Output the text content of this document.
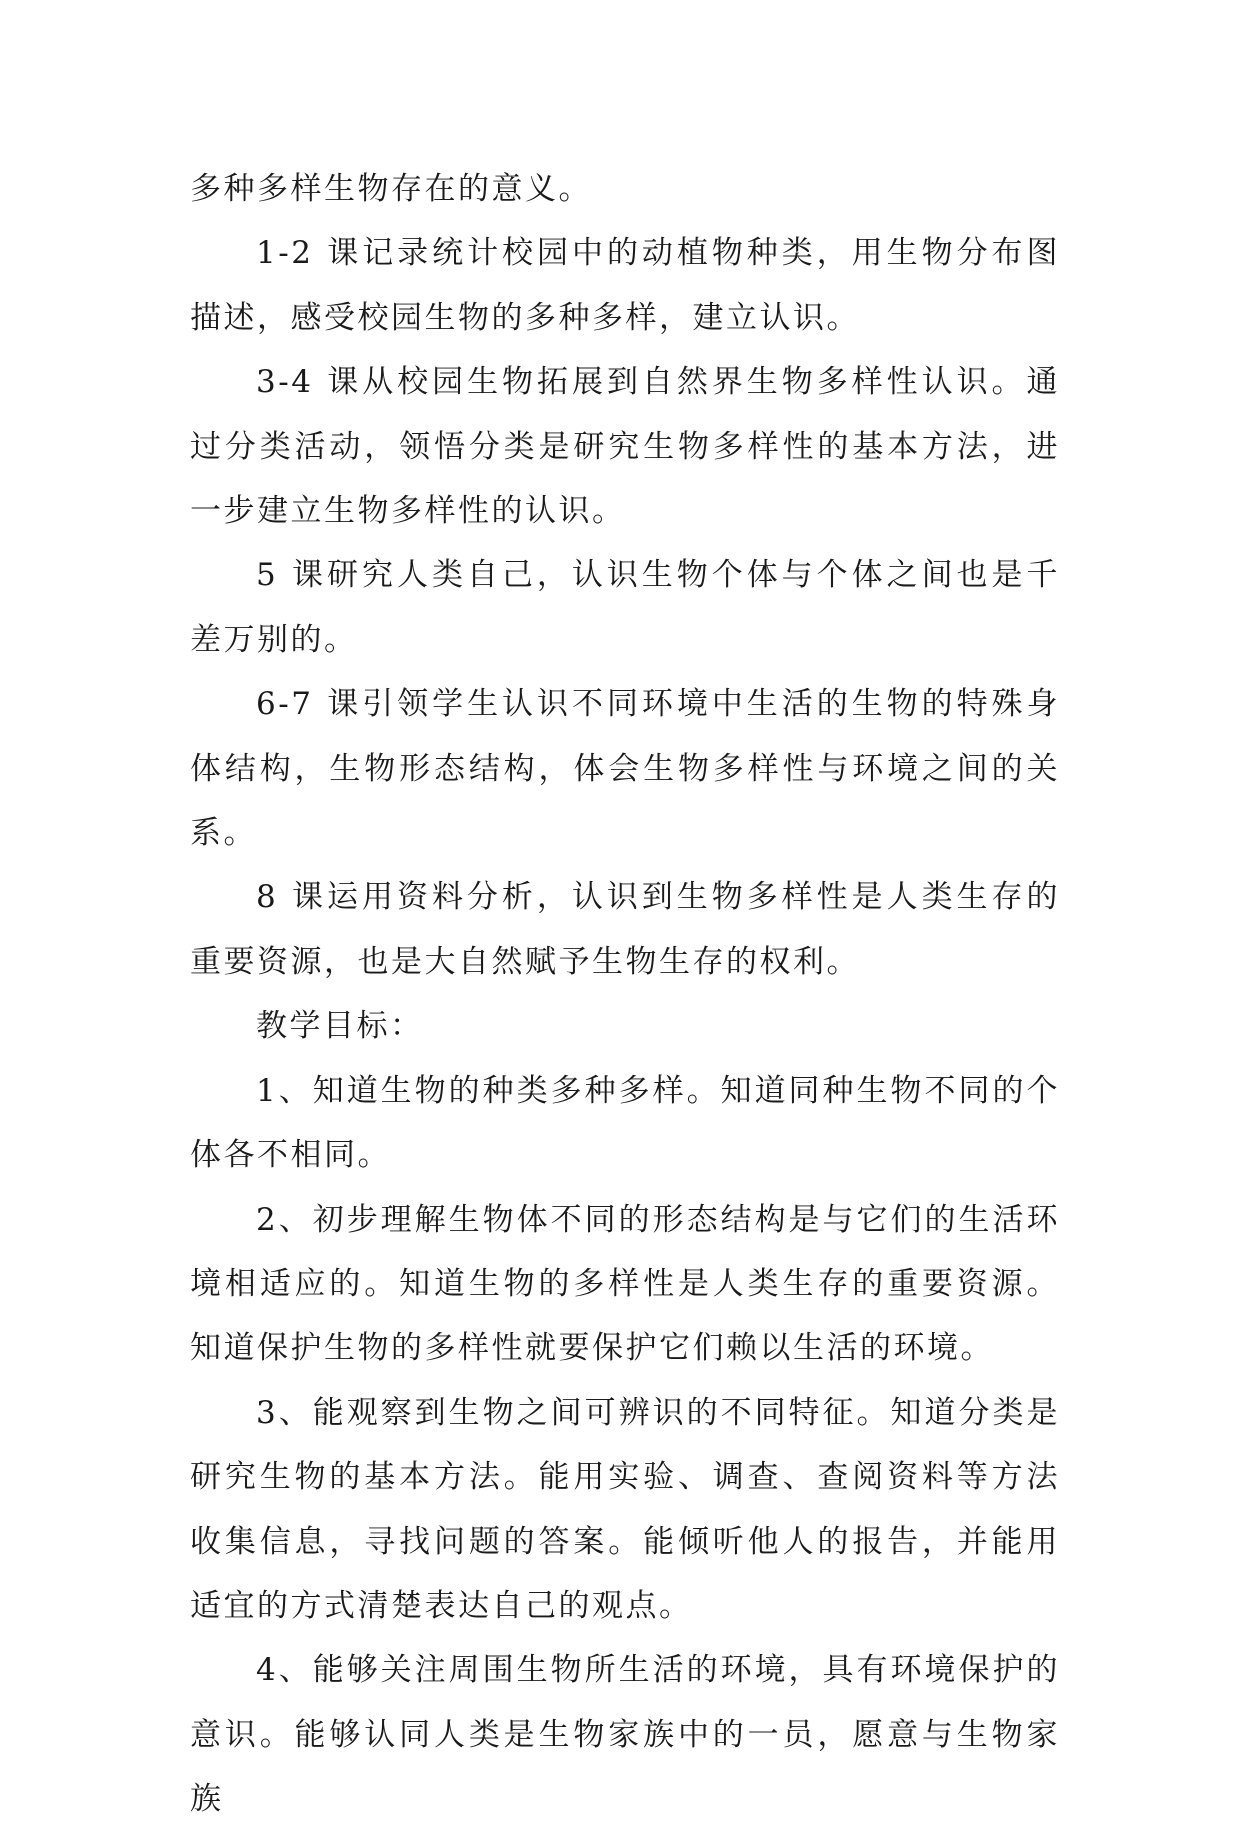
多种多样生物存在的意义。

1-2 课记录统计校园中的动植物种类，用生物分布图描述，感受校园生物的多种多样，建立认识。

3-4 课从校园生物拓展到自然界生物多样性认识。通过分类活动，领悟分类是研究生物多样性的基本方法，进一步建立生物多样性的认识。

5 课研究人类自己，认识生物个体与个体之间也是千差万别的。

6-7 课引领学生认识不同环境中生活的生物的特殊身体结构，生物形态结构，体会生物多样性与环境之间的关系。

8 课运用资料分析，认识到生物多样性是人类生存的重要资源，也是大自然赋予生物生存的权利。

教学目标：

1、知道生物的种类多种多样。知道同种生物不同的个体各不相同。

2、初步理解生物体不同的形态结构是与它们的生活环境相适应的。知道生物的多样性是人类生存的重要资源。知道保护生物的多样性就要保护它们赖以生活的环境。

3、能观察到生物之间可辨识的不同特征。知道分类是研究生物的基本方法。能用实验、调查、查阅资料等方法收集信息，寻找问题的答案。能倾听他人的报告，并能用适宜的方式清楚表达自己的观点。

4、能够关注周围生物所生活的环境，具有环境保护的意识。能够认同人类是生物家族中的一员，愿意与生物家族
